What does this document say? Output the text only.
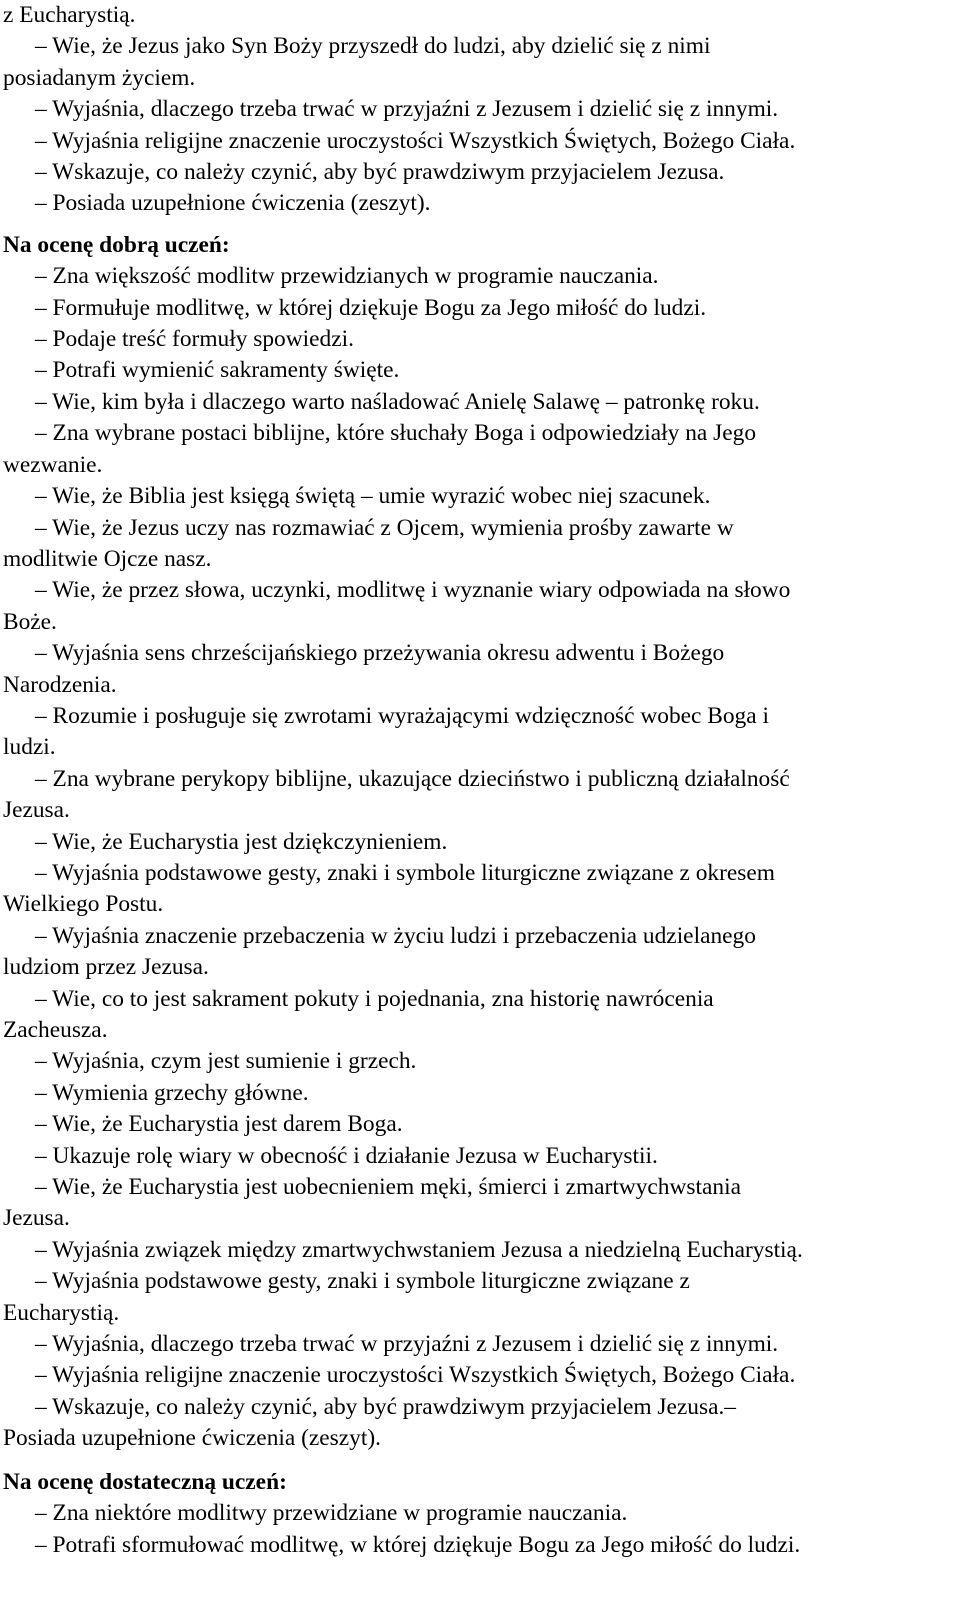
z Eucharystią.

– Wie, że Jezus jako Syn Boży przyszedł do ludzi, aby dzielić się z nimi

posiadanym życiem.

– Wyjaśnia, dlaczego trzeba trwać w przyjaźni z Jezusem i dzielić się z innymi.

– Wyjaśnia religijne znaczenie uroczystości Wszystkich Świętych, Bożego Ciała.

– Wskazuje, co należy czynić, aby być prawdziwym przyjacielem Jezusa.

– Posiada uzupełnione ćwiczenia (zeszyt).

Na ocenę dobrą uczeń:

– Zna większość modlitw przewidzianych w programie nauczania.

– Formułuje modlitwę, w której dziękuje Bogu za Jego miłość do ludzi.

– Podaje treść formuły spowiedzi.

– Potrafi wymienić sakramenty święte.

– Wie, kim była i dlaczego warto naśladować Anielę Salawę – patronkę roku.

– Zna wybrane postaci biblijne, które słuchały Boga i odpowiedziały na Jego

wezwanie.

– Wie, że Biblia jest księgą świętą – umie wyrazić wobec niej szacunek.

– Wie, że Jezus uczy nas rozmawiać z Ojcem, wymienia prośby zawarte w

modlitwie Ojcze nasz.

– Wie, że przez słowa, uczynki, modlitwę i wyznanie wiary odpowiada na słowo

Boże.

– Wyjaśnia sens chrześcijańskiego przeżywania okresu adwentu i Bożego

Narodzenia.

– Rozumie i posługuje się zwrotami wyrażającymi wdzięczność wobec Boga i

ludzi.

– Zna wybrane perykopy biblijne, ukazujące dzieciństwo i publiczną działalność

Jezusa.

– Wie, że Eucharystia jest dziękczynieniem.

– Wyjaśnia podstawowe gesty, znaki i symbole liturgiczne związane z okresem

Wielkiego Postu.

– Wyjaśnia znaczenie przebaczenia w życiu ludzi i przebaczenia udzielanego

ludziom przez Jezusa.

– Wie, co to jest sakrament pokuty i pojednania, zna historię nawrócenia

Zacheusza.

– Wyjaśnia, czym jest sumienie i grzech.

– Wymienia grzechy główne.

– Wie, że Eucharystia jest darem Boga.

– Ukazuje rolę wiary w obecność i działanie Jezusa w Eucharystii.

– Wie, że Eucharystia jest uobecnieniem męki, śmierci i zmartwychwstania

Jezusa.

– Wyjaśnia związek między zmartwychwstaniem Jezusa a niedzielną Eucharystią.

– Wyjaśnia podstawowe gesty, znaki i symbole liturgiczne związane z

Eucharystią.

– Wyjaśnia, dlaczego trzeba trwać w przyjaźni z Jezusem i dzielić się z innymi.

– Wyjaśnia religijne znaczenie uroczystości Wszystkich Świętych, Bożego Ciała.

– Wskazuje, co należy czynić, aby być prawdziwym przyjacielem Jezusa.–

Posiada uzupełnione ćwiczenia (zeszyt).

Na ocenę dostateczną uczeń:

– Zna niektóre modlitwy przewidziane w programie nauczania.

– Potrafi sformułować modlitwę, w której dziękuje Bogu za Jego miłość do ludzi.
